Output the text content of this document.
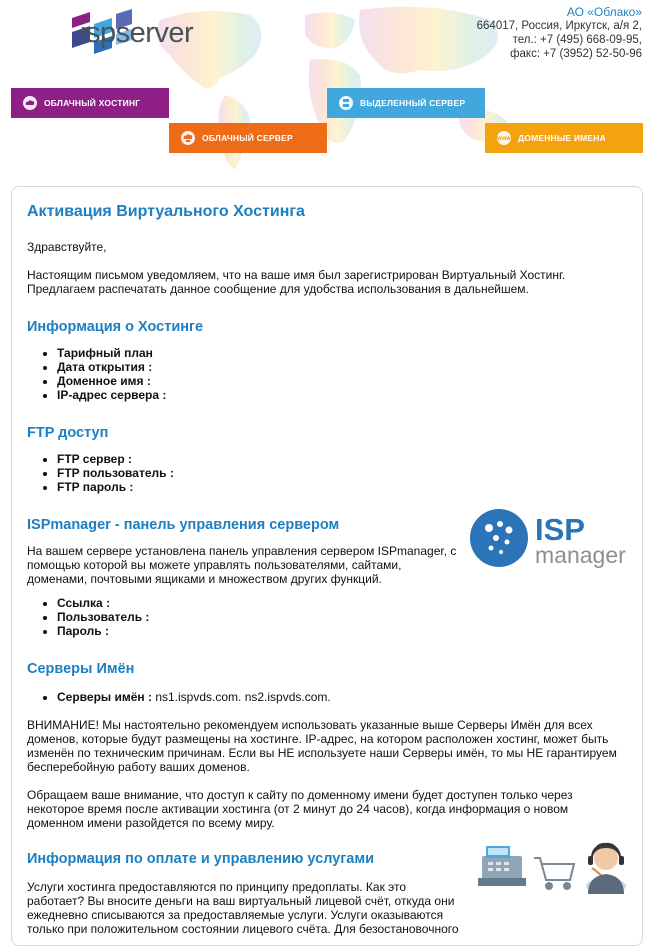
ispserver
АО «Облако»
664017, Россия, Иркутск, а/я 2,
тел.: +7 (495) 668-09-95,
факс: +7 (3952) 52-50-96
ОБЛАЧНЫЙ ХОСТИНГ	ВЫДЕЛЕННЫЙ СЕРВЕР
ОБЛАЧНЫЙ СЕРВЕР	WWW ДОМЕННЫЕ ИМЕНА
Активация Виртуального Хостинга

Здравствуйте,

Настоящим письмом уведомляем, что на ваше имя был зарегистрирован Виртуальный Хостинг. Предлагаем распечатать данное сообщение для удобства использования в дальнейшем.

Информация о Хостинге
• Тарифный план
• Дата открытия :
• Доменное имя :
• IP-адрес сервера :
FTP доступ
• FTP сервер :
• FTP пользователь :
• FTP пароль :
ISPmanager - панель управления сервером

На вашем сервере установлена панель управления сервером ISPmanager, с помощью которой вы можете управлять пользователями, сайтами, доменами, почтовыми ящиками и множеством других функций.

• Ссылка :
• Пользователь :
• Пароль :
Серверы Имён
• Серверы имён : ns1.ispvds.com. ns2.ispvds.com.

ВНИМАНИЕ! Мы настоятельно рекомендуем использовать указанные выше Серверы Имён для всех доменов, которые будут размещены на хостинге. IP-адрес, на котором расположен хостинг, может быть изменён по техническим причинам. Если вы НЕ используете наши Серверы имён, то мы НЕ гарантируем бесперебойную работу ваших доменов.

Обращаем ваше внимание, что доступ к сайту по доменному имени будет доступен только через некоторое время после активации хостинга (от 2 минут до 24 часов), когда информация о новом доменном имени разойдется по всему миру.

Информация по оплате и управлению услугами

Услуги хостинга предоставляются по принципу предоплаты. Как это работает? Вы вносите деньги на ваш виртуальный лицевой счёт, откуда они ежедневно списываются за предоставляемые услуги. Услуги оказываются только при положительном состоянии лицевого счёта. Для безостановочного

ISP
manager
